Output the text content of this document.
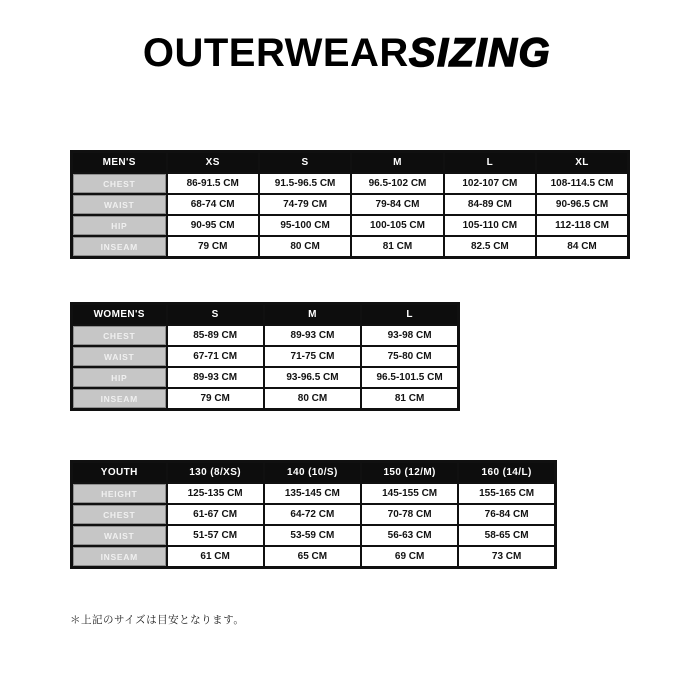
OUTERWEARSIZING
MEN'S	XS	S	M	L	XL

CHEST	86-91.5 CM	91.5-96.5 CM	96.5-102 CM	102-107 CM	108-114.5 CM

WAIST	68-74 CM	74-79 CM	79-84 CM	84-89 CM	90-96.5 CM

HIP	90-95 CM	95-100 CM	100-105 CM	105-110 CM	112-118 CM

INSEAM	79 CM	80 CM	81 CM	82.5 CM	84 CM
WOMEN'S	S	M	L

CHEST	85-89 CM	89-93 CM	93-98 CM

WAIST	67-71 CM	71-75 CM	75-80 CM

HIP	89-93 CM	93-96.5 CM	96.5-101.5 CM

INSEAM	79 CM	80 CM	81 CM
YOUTH	130 (8/XS)	140 (10/S)	150 (12/M)	160 (14/L)

HEIGHT	125-135 CM	135-145 CM	145-155 CM	155-165 CM

CHEST	61-67 CM	64-72 CM	70-78 CM	76-84 CM

WAIST	51-57 CM	53-59 CM	56-63 CM	58-65 CM

INSEAM	61 CM	65 CM	69 CM	73 CM
＊上記のサイズは目安となります。
